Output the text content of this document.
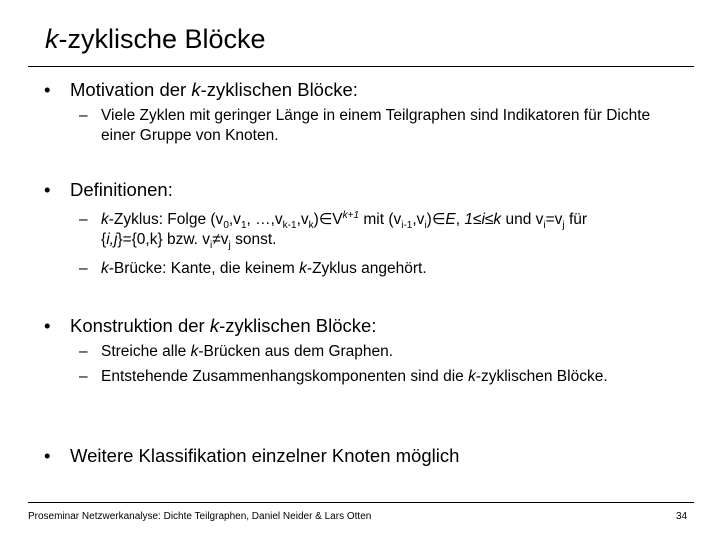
k-zyklische Blöcke
• Motivation der k-zyklischen Blöcke:
– Viele Zyklen mit geringer Länge in einem Teilgraphen sind Indikatoren für Dichte einer Gruppe von Knoten.
• Definitionen:
– k-Zyklus: Folge ($v_0,v_1$, $\dots,v_{k-1},v_k)\in V^{k+1}$ mit $(v_{i-1},v_i)\in E$, 1≤i≤k und $v_i=v_j$ für
{i,j}={0,k} bzw. $v_i\ne v_j$ sonst.
– k-Brücke: Kante, die keinem k-Zyklus angehört.
• Konstruktion der k-zyklischen Blöcke:
– Streiche alle k-Brücken aus dem Graphen.
– Entstehende Zusammenhangskomponenten sind die k-zyklischen Blöcke.
• Weitere Klassifikation einzelner Knoten möglich
Proseminar Netzwerkanalyse: Dichte Teilgraphen, Daniel Neider & Lars Otten	34
